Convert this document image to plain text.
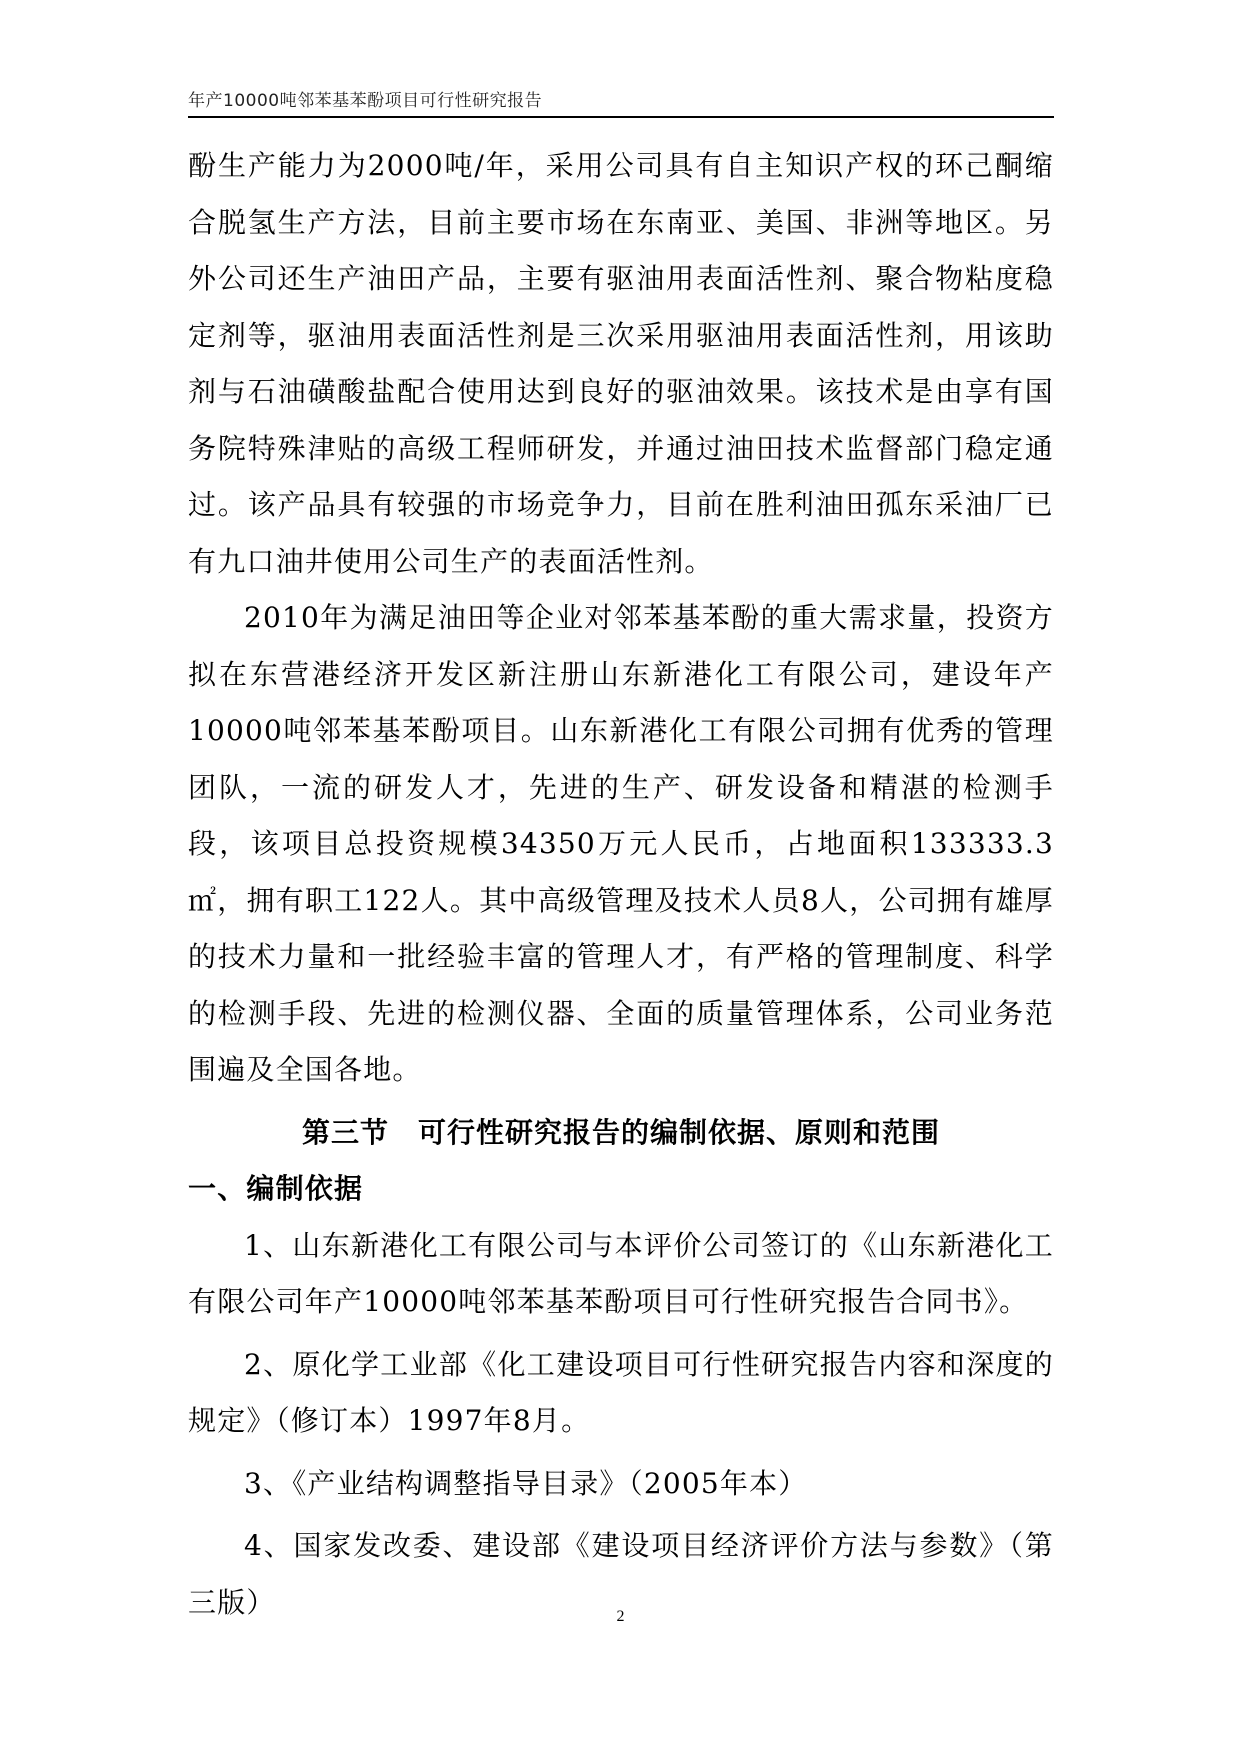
年产10000吨邻苯基苯酚项目可行性研究报告

酚生产能力为2000吨/年，采用公司具有自主知识产权的环己酮缩合脱氢生产方法，目前主要市场在东南亚、美国、非洲等地区。另外公司还生产油田产品，主要有驱油用表面活性剂、聚合物粘度稳定剂等，驱油用表面活性剂是三次采用驱油用表面活性剂，用该助剂与石油磺酸盐配合使用达到良好的驱油效果。该技术是由享有国务院特殊津贴的高级工程师研发，并通过油田技术监督部门稳定通过。该产品具有较强的市场竞争力，目前在胜利油田孤东采油厂已有九口油井使用公司生产的表面活性剂。

2010年为满足油田等企业对邻苯基苯酚的重大需求量，投资方拟在东营港经济开发区新注册山东新港化工有限公司，建设年产10000吨邻苯基苯酚项目。山东新港化工有限公司拥有优秀的管理团队，一流的研发人才，先进的生产、研发设备和精湛的检测手段，该项目总投资规模34350万元人民币，占地面积133333.3㎡，拥有职工122人。其中高级管理及技术人员8人，公司拥有雄厚的技术力量和一批经验丰富的管理人才，有严格的管理制度、科学的检测手段、先进的检测仪器、全面的质量管理体系，公司业务范围遍及全国各地。

第三节　可行性研究报告的编制依据、原则和范围

一、编制依据

1、山东新港化工有限公司与本评价公司签订的《山东新港化工有限公司年产10000吨邻苯基苯酚项目可行性研究报告合同书》。

2、原化学工业部《化工建设项目可行性研究报告内容和深度的规定》（修订本）1997年8月。

3、《产业结构调整指导目录》（2005年本）

4、国家发改委、建设部《建设项目经济评价方法与参数》（第三版）	2
